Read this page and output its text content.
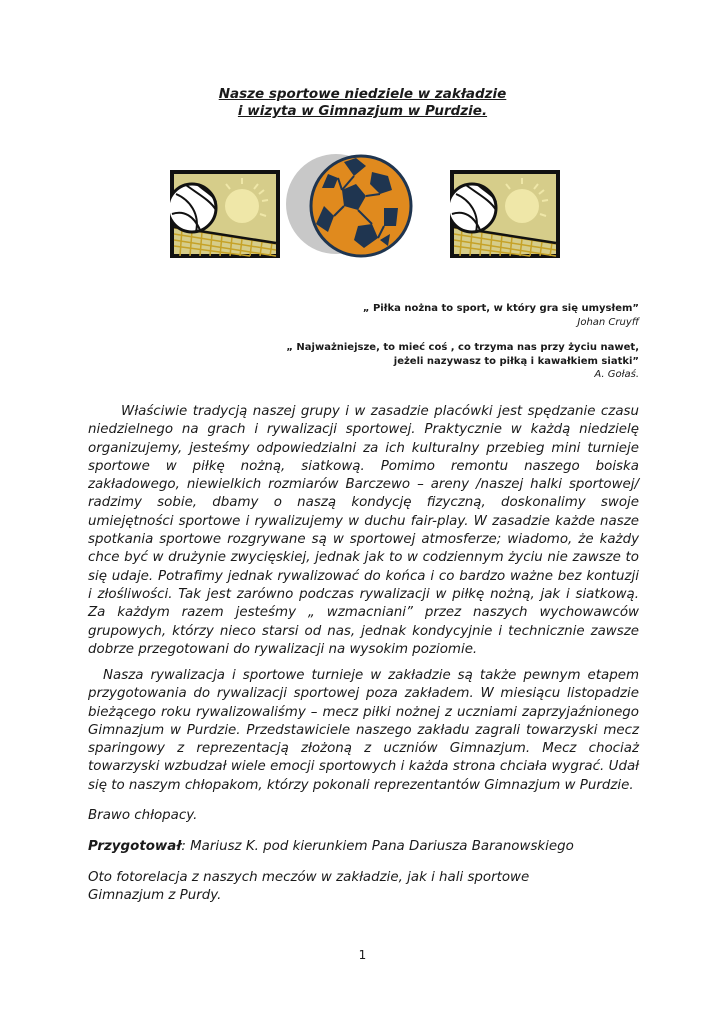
Nasze sportowe niedziele w zakładzie
i wizyta w Gimnazjum w Purdzie.
„ Piłka nożna to sport, w który gra się umysłem”
Johan Cruyff
„ Najważniejsze, to mieć coś , co trzyma nas przy życiu nawet,
jeżeli nazywasz to piłką i kawałkiem siatki”
A. Gołaś.
Właściwie tradycją naszej grupy i w zasadzie placówki jest spędzanie czasu niedzielnego na grach i rywalizacji sportowej. Praktycznie w każdą niedzielę organizujemy, jesteśmy odpowiedzialni za ich kulturalny przebieg mini turnieje sportowe w piłkę nożną, siatkową. Pomimo remontu naszego boiska zakładowego, niewielkich rozmiarów Barczewo – areny /naszej halki sportowej/ radzimy sobie, dbamy o naszą kondycję fizyczną, doskonalimy swoje umiejętności sportowe i rywalizujemy w duchu fair-play. W zasadzie każde nasze spotkania sportowe rozgrywane są w sportowej atmosferze; wiadomo, że każdy chce być w drużynie zwycięskiej, jednak jak to w codziennym życiu nie zawsze to się udaje. Potrafimy jednak rywalizować do końca i co bardzo ważne bez kontuzji i złośliwości. Tak jest zarówno podczas rywalizacji w piłkę nożną, jak i siatkową. Za każdym razem jesteśmy „ wzmacniani” przez naszych wychowawców grupowych, którzy nieco starsi od nas, jednak kondycyjnie i technicznie zawsze dobrze przegotowani do rywalizacji na wysokim poziomie.
Nasza rywalizacja i sportowe turnieje w zakładzie są także pewnym etapem przygotowania do rywalizacji sportowej poza zakładem. W miesiącu listopadzie bieżącego roku rywalizowaliśmy – mecz piłki nożnej z uczniami zaprzyjaźnionego Gimnazjum w Purdzie. Przedstawiciele naszego zakładu zagrali towarzyski mecz sparingowy z reprezentacją złożoną z uczniów Gimnazjum. Mecz chociaż towarzyski wzbudzał wiele emocji sportowych i każda strona chciała wygrać. Udał się to naszym chłopakom, którzy pokonali reprezentantów Gimnazjum w Purdzie.
Brawo chłopacy.
Przygotował: Mariusz K. pod kierunkiem Pana Dariusza Baranowskiego
Oto fotorelacja z naszych meczów w zakładzie, jak i hali sportowe Gimnazjum z Purdy.
1
